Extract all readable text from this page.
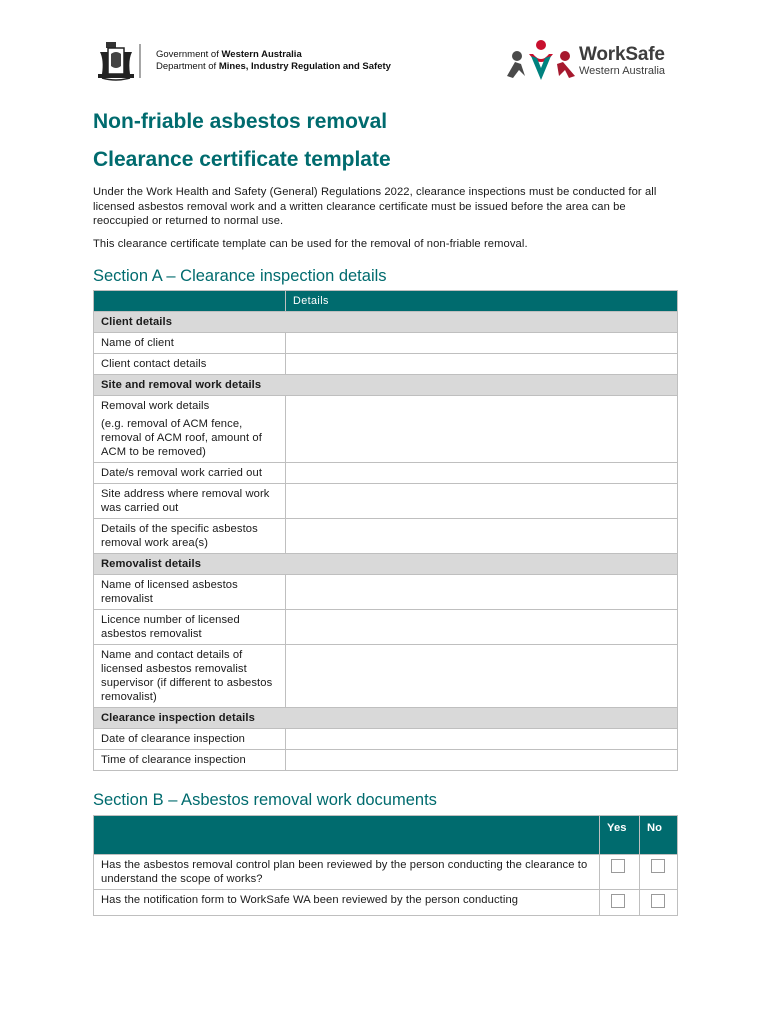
Government of Western Australia
Department of Mines, Industry Regulation and Safety
WorkSafe
Western Australia
Non-friable asbestos removal
Clearance certificate template

Under the Work Health and Safety (General) Regulations 2022, clearance inspections must be conducted for all licensed asbestos removal work and a written clearance certificate must be issued before the area can be reoccupied or returned to normal use.

This clearance certificate template can be used for the removal of non-friable removal.

Section A – Clearance inspection details
	Details
Client details	

Name of client	

Client contact details	

Site and removal work details	

Removal work details
(e.g. removal of ACM fence, removal of ACM roof, amount of ACM to be removed)	

Date/s removal work carried out	

Site address where removal work was carried out	

Details of the specific asbestos removal work area(s)	

Removalist details	

Name of licensed asbestos removalist	

Licence number of licensed asbestos removalist	

Name and contact details of licensed asbestos removalist supervisor (if different to asbestos removalist)	

Clearance inspection details	

Date of clearance inspection	

Time of clearance inspection	

Section B – Asbestos removal work documents
	Yes	No
Has the asbestos removal control plan been reviewed by the person conducting the clearance to understand the scope of works?		
Has the notification form to WorkSafe WA been reviewed by the person conducting		
